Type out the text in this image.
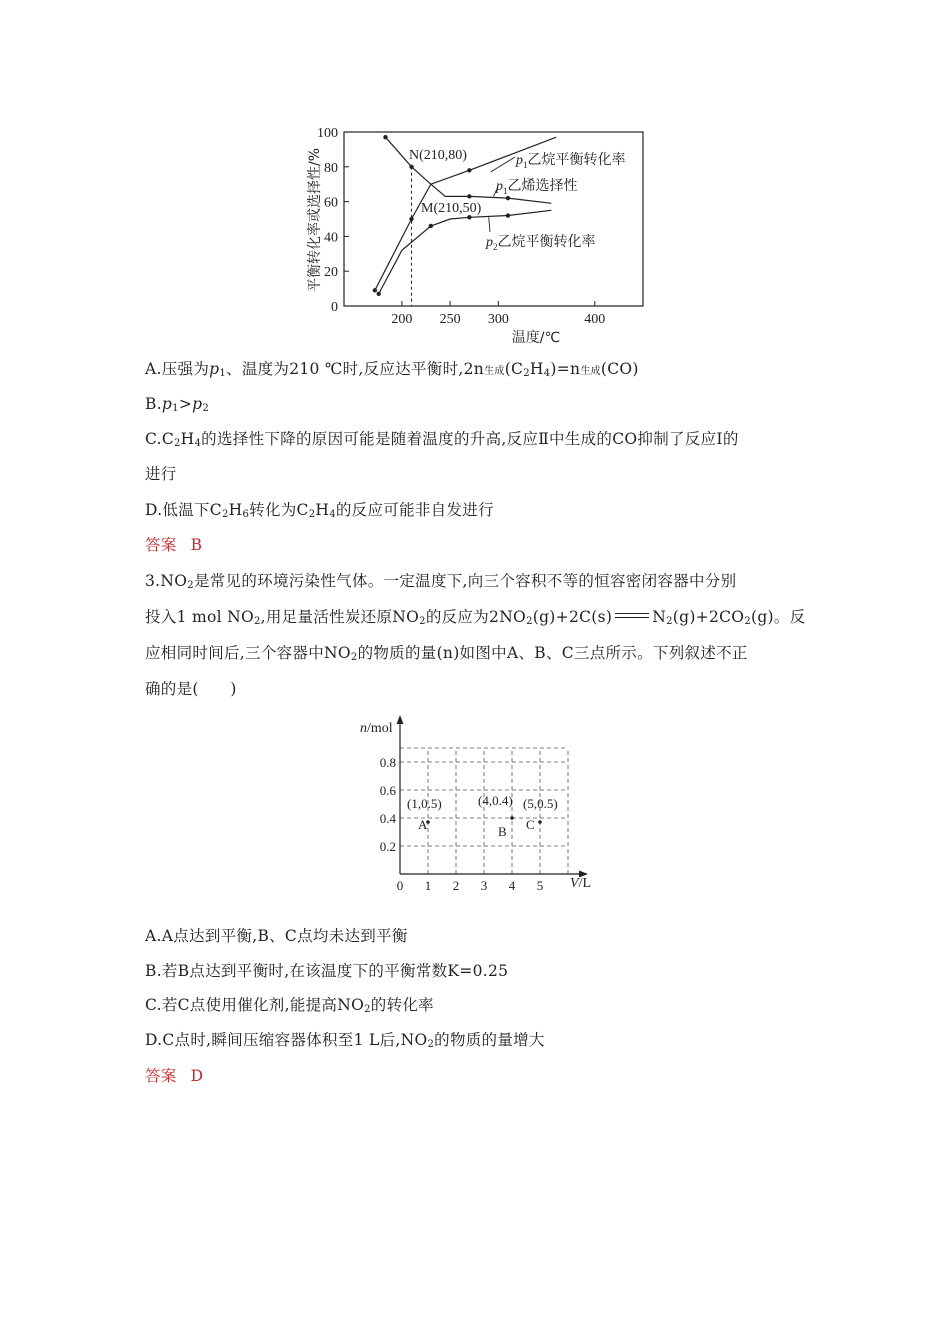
0
20
40
60
80
100
200 250 300	400
平衡转化率或选择性/%
温度/℃
N(210,80)
M(210,50)
$p_1$乙烷平衡转化率
$p_1$乙烯选择性
$p_2$乙烷平衡转化率
A.压强为$p_1$、温度为210 ℃时,反应达平衡时,2n生成$(C_2H_4)=n$生成(CO)
$B.p_1>p_2$
$C.C_2H_4$的选择性下降的原因可能是随着温度的升高,反应Ⅱ中生成的CO抑制了反应Ⅰ的
进行
D.低温下$C_2H_6$转化为$C_2H_4$的反应可能非自发进行
答案 B
$3.NO_2$是常见的环境污染性气体。一定温度下,向三个容积不等的恒容密闭容器中分别
投入1 mol $NO_2$,用足量活性炭还原$NO_2$的反应为$2NO_2(g)+2C(s)$	$N_2(g)+2CO_2(g)$。反
应相同时间后,三个容器中$NO_2$的物质的量(n)如图中A、B、C三点所示。下列叙述不正
确的是(　　)
0 1 2 3 4 5
0.2
0.4
0.6
0.8
(1,0.5)
A
(4,0.4)
B
(5,0.5)
C
n/mol
V/L
A.A点达到平衡,B、C点均未达到平衡
B.若B点达到平衡时,在该温度下的平衡常数K=0.25
C.若C点使用催化剂,能提高$NO_2$的转化率
D.C点时,瞬间压缩容器体积至1 L后$,NO_2$的物质的量增大
答案 D
